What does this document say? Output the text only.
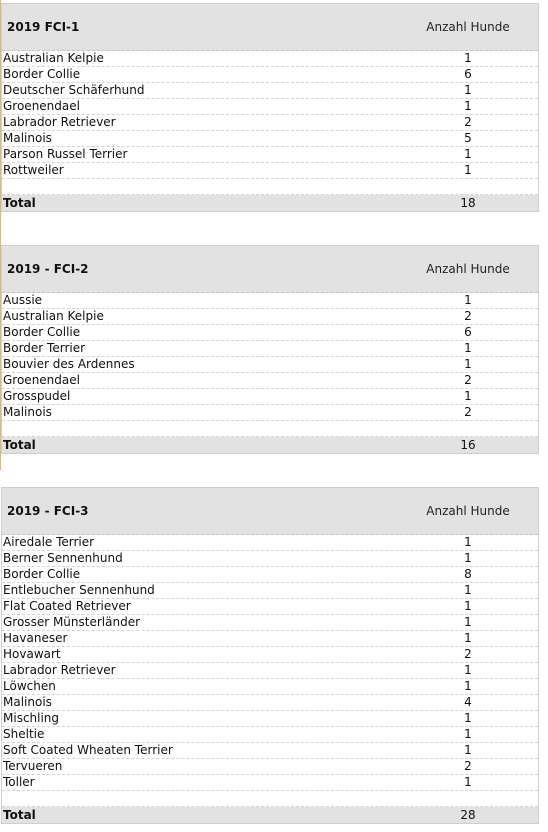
2019 FCI-1	Anzahl Hunde
Australian Kelpie	1
Border Collie	6
Deutscher Schäferhund	1
Groenendael	1
Labrador Retriever	2
Malinois	5
Parson Russel Terrier	1
Rottweiler	1
Total	18
2019 - FCI-2	Anzahl Hunde
Aussie	1
Australian Kelpie	2
Border Collie	6
Border Terrier	1
Bouvier des Ardennes	1
Groenendael	2
Grosspudel	1
Malinois	2
Total	16
2019 - FCI-3	Anzahl Hunde
Airedale Terrier	1
Berner Sennenhund	1
Border Collie	8
Entlebucher Sennenhund	1
Flat Coated Retriever	1
Grosser Münsterländer	1
Havaneser	1
Hovawart	2
Labrador Retriever	1
Löwchen	1
Malinois	4
Mischling	1
Sheltie	1
Soft Coated Wheaten Terrier	1
Tervueren	2
Toller	1
Total	28
